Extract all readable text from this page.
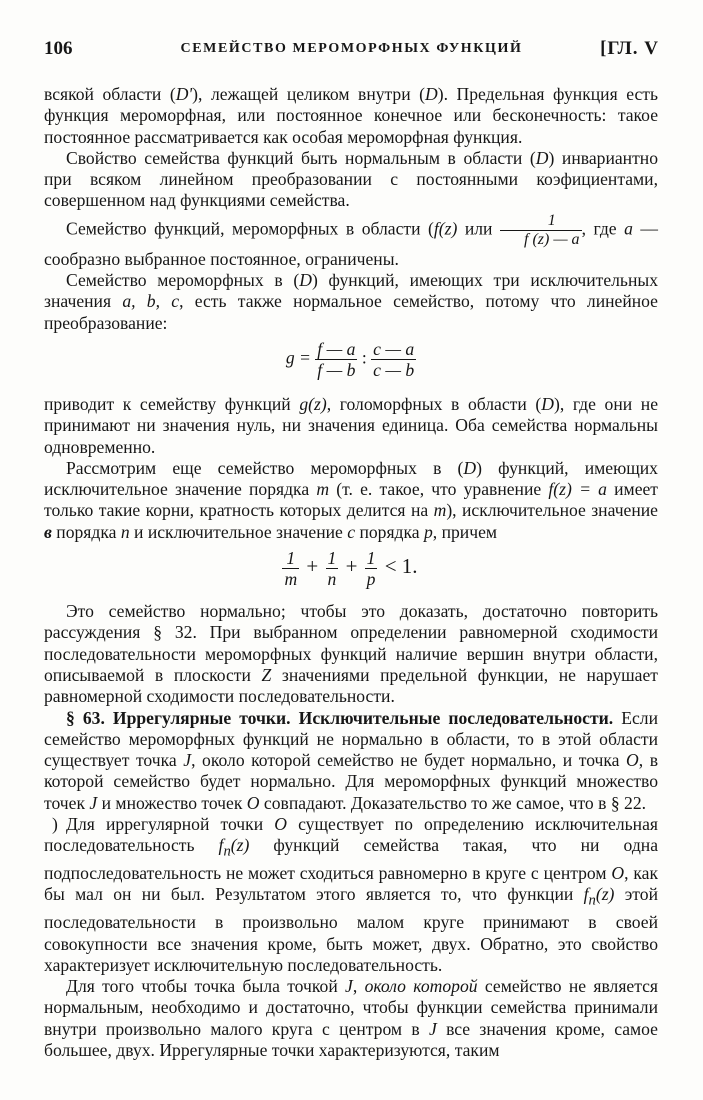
106	СЕМЕЙСТВО МЕРОМОРФНЫХ ФУНКЦИЙ	[ГЛ. V

всякой области (D'), лежащей целиком внутри (D). Предельная функция есть функция мероморфная, или постоянное конечное или бесконечность: такое постоянное рассматривается как особая мероморфная функция.

Свойство семейства функций быть нормальным в области (D) инвариантно при всяком линейном преобразовании с постоянными коэфициентами, совершенном над функциями семейства.

Семейство функций, мероморфных в области (f(z) или $\frac{1}{f (z) — a}$ , где a — сообразно выбранное постоянное, ограничены.

Семейство мероморфных в (D) функций, имеющих три исключительных значения a, b, c, есть также нормальное семейство, потому что линейное преобразование:

$g = \frac{f — a}{f — b}$ : $\frac{c — a}{c — b}$

приводит к семейству функций g(z), голоморфных в области (D), где они не принимают ни значения нуль, ни значения единица. Оба семейства нормальны одновременно.

Рассмотрим еще семейство мероморфных в (D) функций, имеющих исключительное значение порядка m (т. е. такое, что уравнение f(z) = a имеет только такие корни, кратность которых делится на m), исключительное значение в порядка n и исключительное значение c порядка p, причем

$\frac{1}{m} + \frac{1}{n} + \frac{1}{p} < 1$.

Это семейство нормально; чтобы это доказать, достаточно повторить рассуждения § 32. При выбранном определении равномерной сходимости последовательности мероморфных функций наличие вершин внутри области, описываемой в плоскости Z значениями предельной функции, не нарушает равномерной сходимости последовательности.

§ 63. Иррегулярные точки. Исключительные последовательности. Если семейство мероморфных функций не нормально в области, то в этой области существует точка J, около которой семейство не будет нормально, и точка O, в которой семейство будет нормально. Для мероморфных функций множество точек J и множество точек O совпадают. Доказательство то же самое, что в § 22.

) Для иррегулярной точки O существует по определению исключительная последовательность $f_n(z)$ функций семейства такая, что ни одна подпоследовательность не может сходиться равномерно в круге с центром O, как бы мал он ни был. Результатом этого является то, что функции $f_n(z)$ этой последовательности в произвольно малом круге принимают в своей совокупности все значения кроме, быть может, двух. Обратно, это свойство характеризует исключительную последовательность.

Для того чтобы точка была точкой J, около которой семейство не является нормальным, необходимо и достаточно, чтобы функции семейства принимали внутри произвольно малого круга с центром в J все значения кроме, самое большее, двух. Иррегулярные точки характеризуются, таким
